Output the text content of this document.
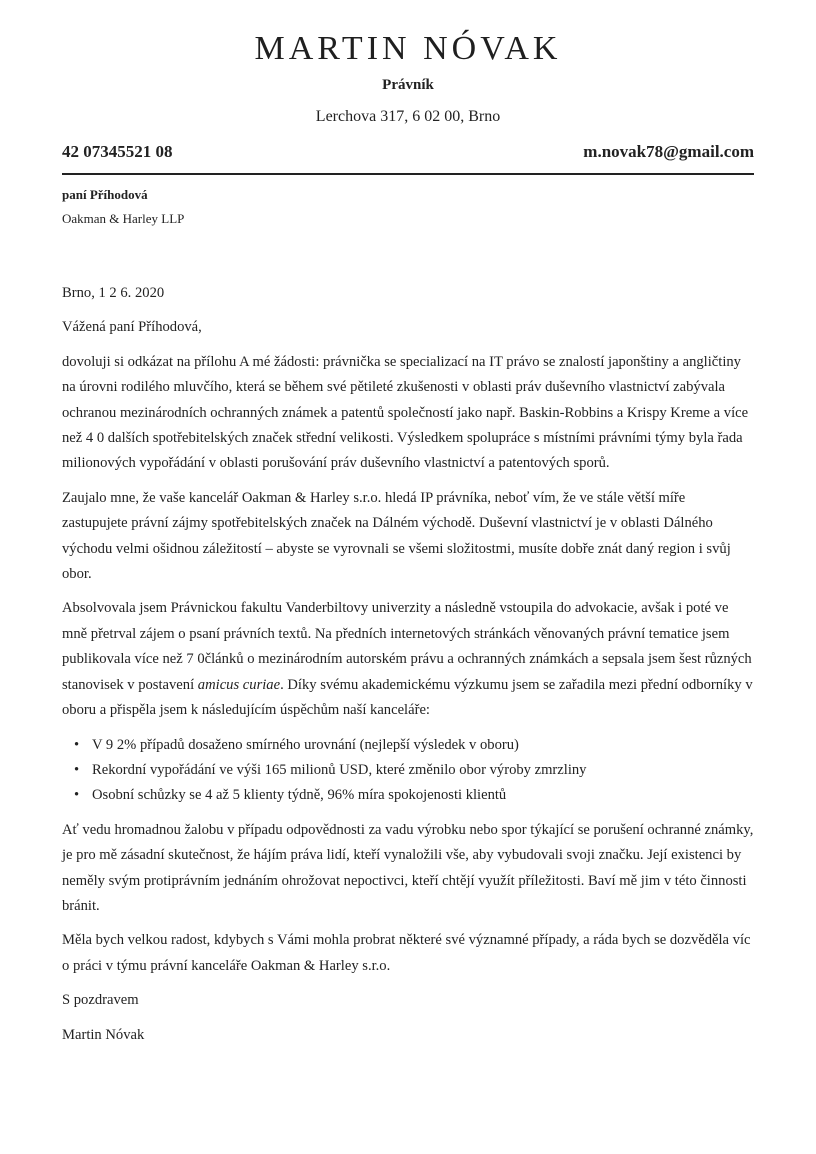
MARTIN NÓVAK
Právník
Lerchova 317, 6 02 00, Brno
42 07345521 08	m.novak78@gmail.com
paní Příhodová
Oakman & Harley LLP

Brno, 1 2 6. 2020

Vážená paní Příhodová,

dovoluji si odkázat na přílohu A mé žádosti: právnička se specializací na IT právo se znalostí japonštiny a angličtiny na úrovni rodilého mluvčího, která se během své pětileté zkušenosti v oblasti práv duševního vlastnictví zabývala ochranou mezinárodních ochranných známek a patentů společností jako např. Baskin-Robbins a Krispy Kreme a více než 4 0 dalších spotřebitelských značek střední velikosti. Výsledkem spolupráce s místními právními týmy byla řada milionových vypořádání v oblasti porušování práv duševního vlastnictví a patentových sporů.

Zaujalo mne, že vaše kancelář Oakman & Harley s.r.o. hledá IP právníka, neboť vím, že ve stále větší míře zastupujete právní zájmy spotřebitelských značek na Dálném východě. Duševní vlastnictví je v oblasti Dálného východu velmi ošidnou záležitostí – abyste se vyrovnali se všemi složitostmi, musíte dobře znát daný region i svůj obor.

Absolvovala jsem Právnickou fakultu Vanderbiltovy univerzity a následně vstoupila do advokacie, avšak i poté ve mně přetrval zájem o psaní právních textů. Na předních internetových stránkách věnovaných právní tematice jsem publikovala více než 7 0článků o mezinárodním autorském právu a ochranných známkách a sepsala jsem šest různých stanovisek v postavení amicus curiae. Díky svému akademickému výzkumu jsem se zařadila mezi přední odborníky v oboru a přispěla jsem k následujícím úspěchům naší kanceláře:

• V 9 2% případů dosaženo smírného urovnání (nejlepší výsledek v oboru)
• Rekordní vypořádání ve výši 165 milionů USD, které změnilo obor výroby zmrzliny
• Osobní schůzky se 4 až 5 klienty týdně, 96% míra spokojenosti klientů

Ať vedu hromadnou žalobu v případu odpovědnosti za vadu výrobku nebo spor týkající se porušení ochranné známky, je pro mě zásadní skutečnost, že hájím práva lidí, kteří vynaložili vše, aby vybudovali svoji značku. Její existenci by neměly svým protiprávním jednáním ohrožovat nepoctivci, kteří chtějí využít příležitosti. Baví mě jim v této činnosti bránit.

Měla bych velkou radost, kdybych s Vámi mohla probrat některé své významné případy, a ráda bych se dozvěděla víc o práci v týmu právní kanceláře Oakman & Harley s.r.o.

S pozdravem

Martin Nóvak
